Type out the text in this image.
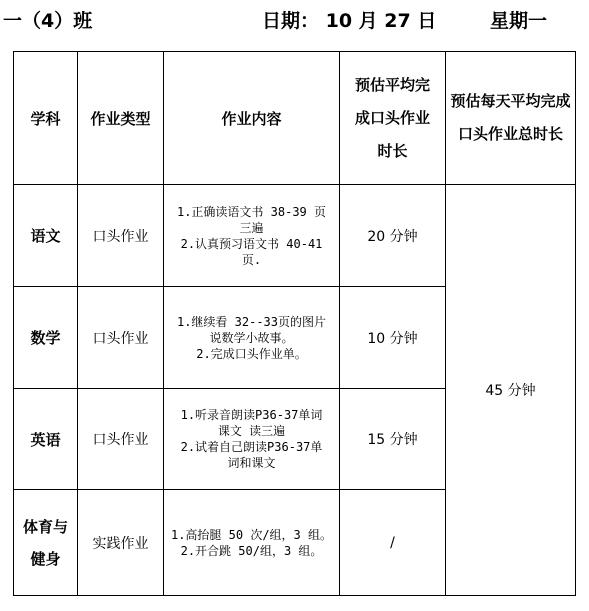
一（4）班	日期： 10 月 27 日	星期一
学科	作业类型	作业内容	预估平均完
成口头作业
时长	预估每天平均完成
口头作业总时长
语文	口头作业	1.正确读语文书 38-39 页
三遍
2.认真预习语文书 40-41
页.	20 分钟	45 分钟
数学	口头作业	1.继续看 32--33页的图片
说数学小故事。
2.完成口头作业单。	10 分钟	
英语	口头作业	1.听录音朗读P36-37单词
课文 读三遍
2.试着自己朗读P36-37单
词和课文	15 分钟	
体育与
健身	实践作业	1.高抬腿 50 次/组，3 组。
2.开合跳 50/组，3 组。	/	
